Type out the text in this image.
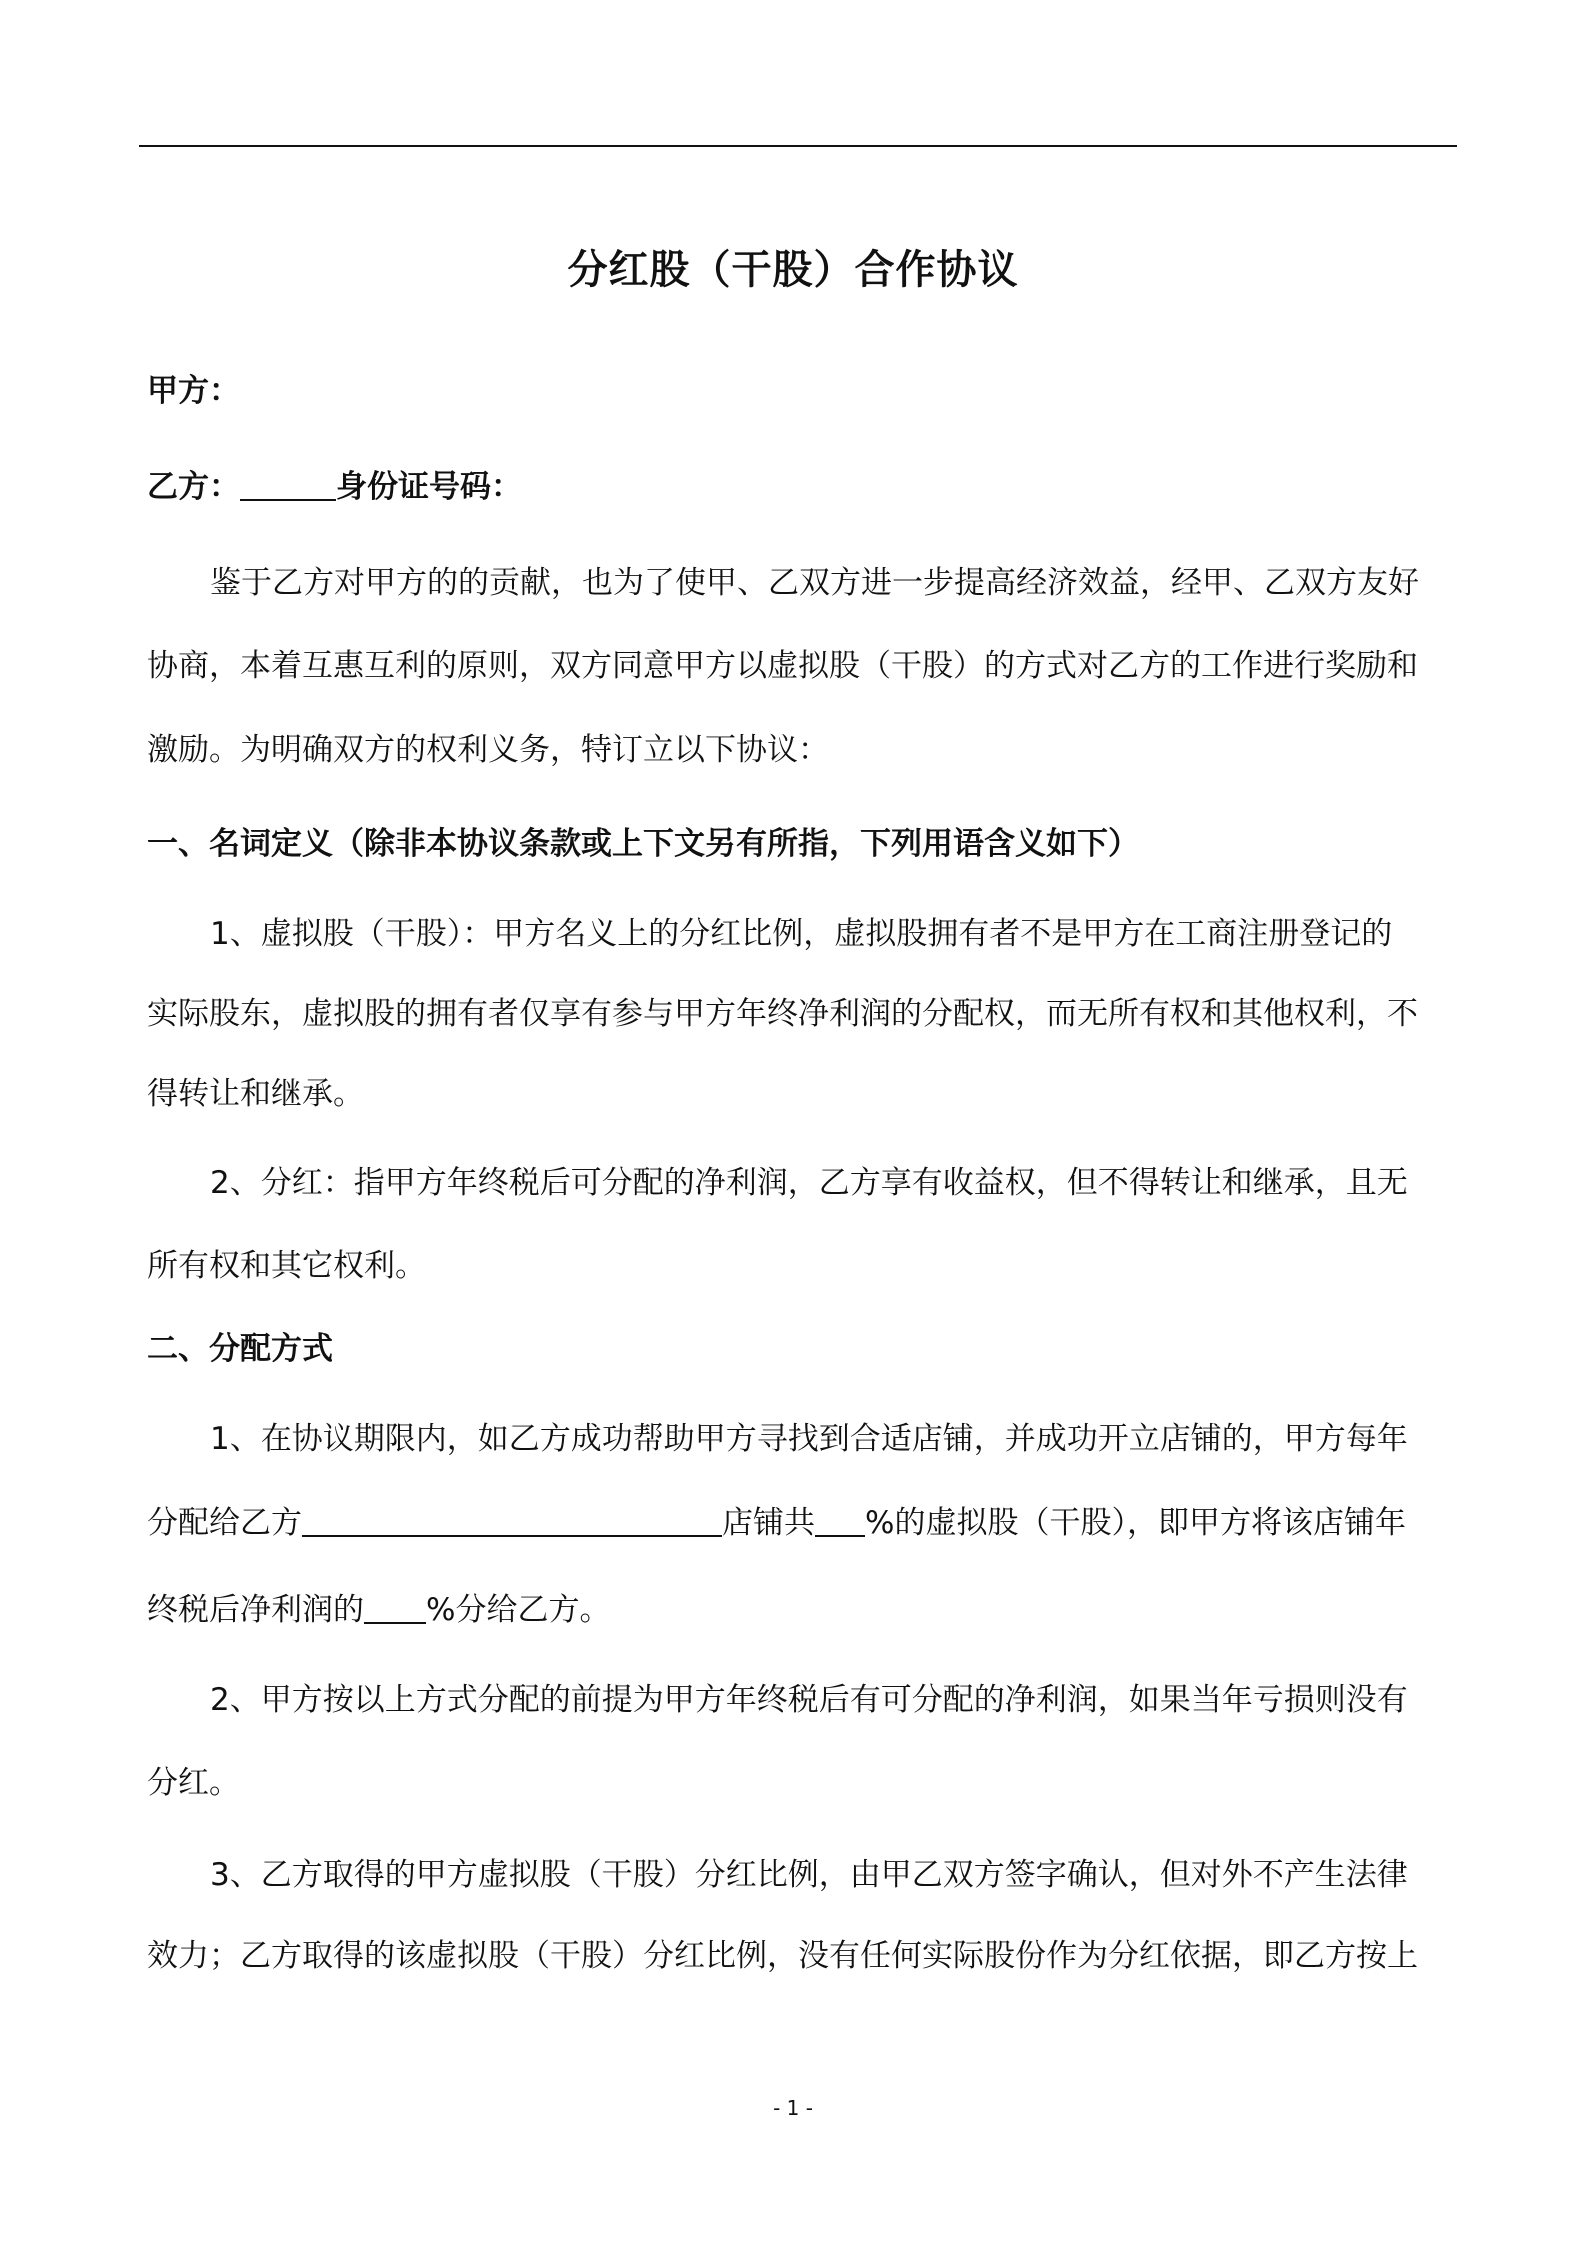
分红股（干股）合作协议
甲方：
乙方：	身份证号码：
鉴于乙方对甲方的的贡献，也为了使甲、乙双方进一步提高经济效益，经甲、乙双方友好
协商，本着互惠互利的原则，双方同意甲方以虚拟股（干股）的方式对乙方的工作进行奖励和
激励。为明确双方的权利义务，特订立以下协议：
一、名词定义（除非本协议条款或上下文另有所指，下列用语含义如下）
1、虚拟股（干股）：甲方名义上的分红比例，虚拟股拥有者不是甲方在工商注册登记的
实际股东，虚拟股的拥有者仅享有参与甲方年终净利润的分配权，而无所有权和其他权利，不
得转让和继承。
2、分红：指甲方年终税后可分配的净利润，乙方享有收益权，但不得转让和继承，且无
所有权和其它权利。
二、分配方式
1、在协议期限内，如乙方成功帮助甲方寻找到合适店铺，并成功开立店铺的，甲方每年
分配给乙方	店铺共 %的虚拟股（干股），即甲方将该店铺年
终税后净利润的 %分给乙方。
2、甲方按以上方式分配的前提为甲方年终税后有可分配的净利润，如果当年亏损则没有
分红。
3、乙方取得的甲方虚拟股（干股）分红比例，由甲乙双方签字确认，但对外不产生法律
效力；乙方取得的该虚拟股（干股）分红比例，没有任何实际股份作为分红依据，即乙方按上
- 1 -
